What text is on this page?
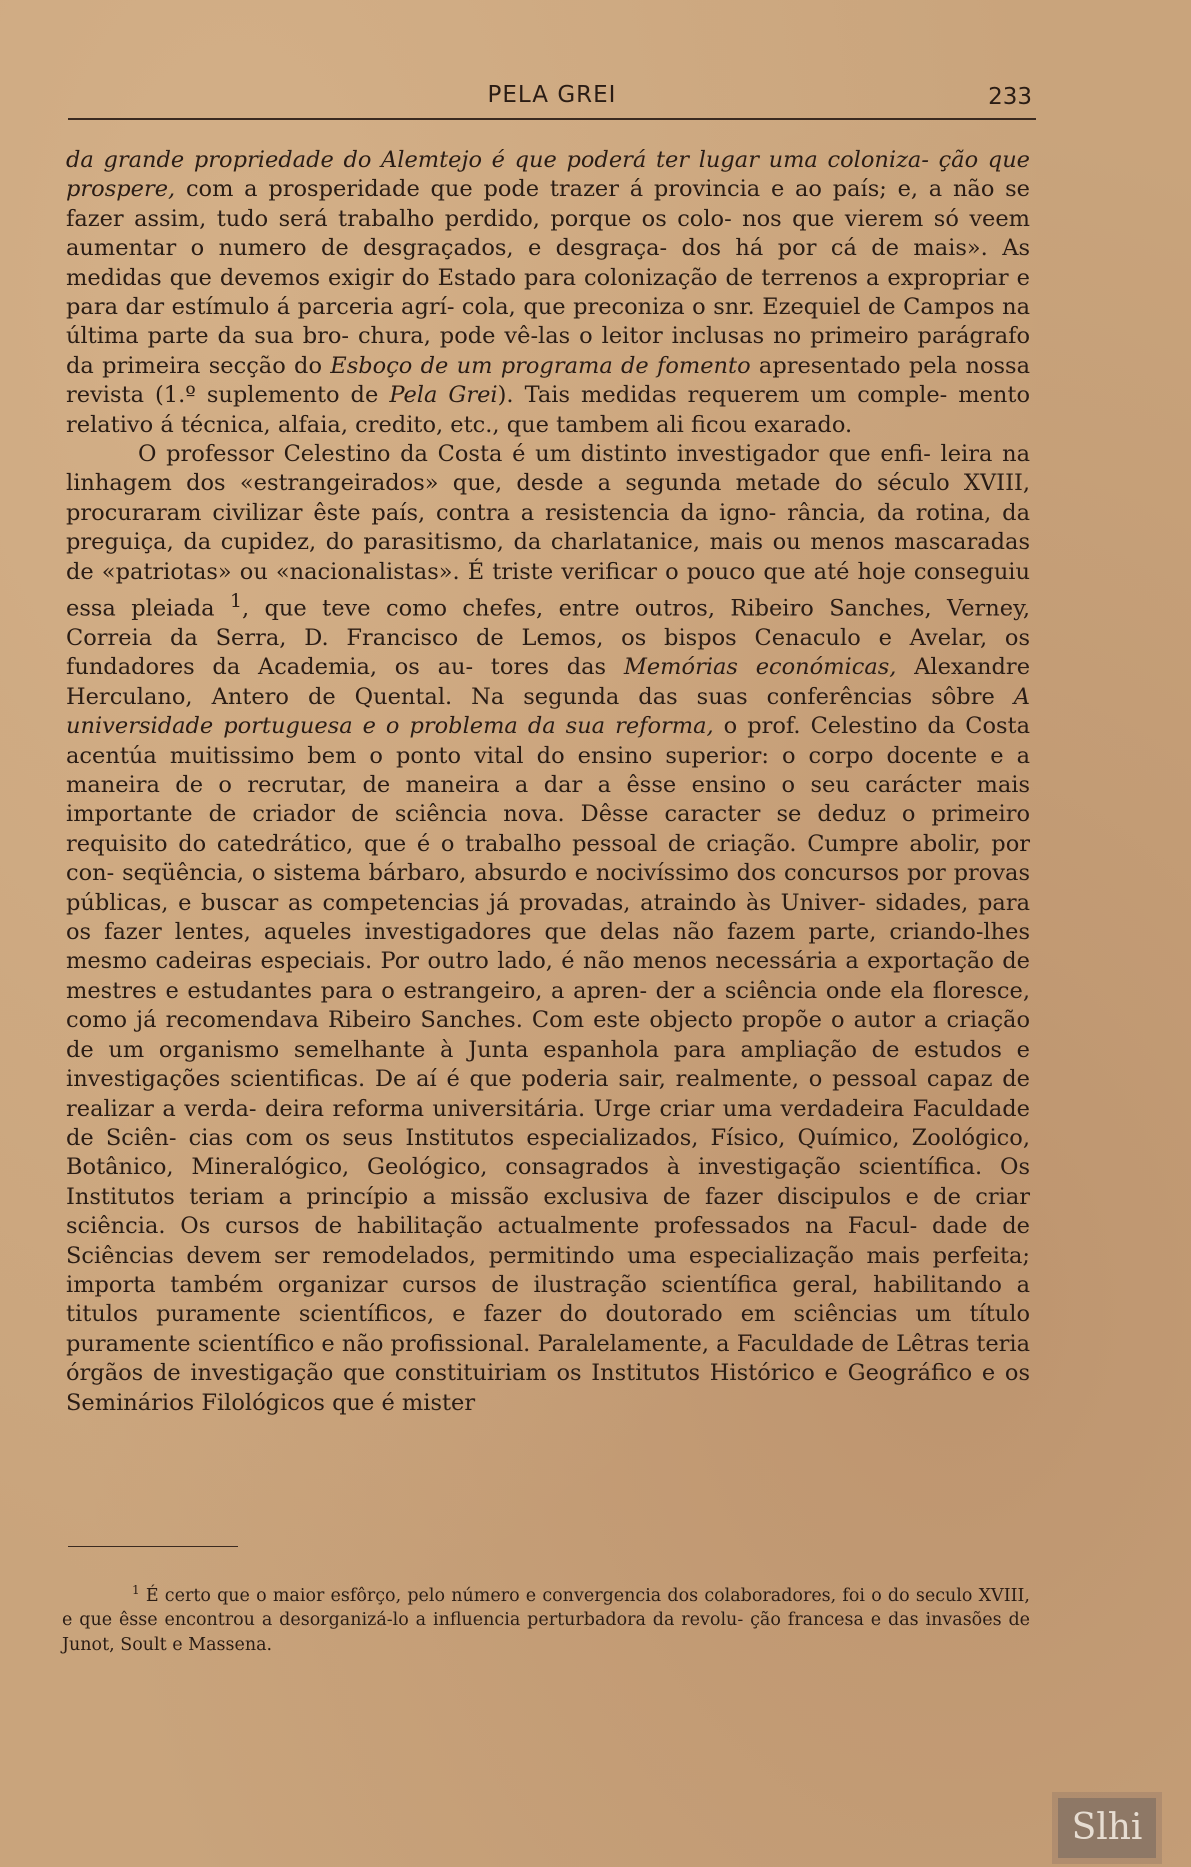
PELA GREI	233

da grande propriedade do Alemtejo é que poderá ter lugar uma coloniza- ção que prospere, com a prosperidade que pode trazer á provincia e ao país; e, a não se fazer assim, tudo será trabalho perdido, porque os colo- nos que vierem só veem aumentar o numero de desgraçados, e desgraça- dos há por cá de mais». As medidas que devemos exigir do Estado para colonização de terrenos a expropriar e para dar estímulo á parceria agrí- cola, que preconiza o snr. Ezequiel de Campos na última parte da sua bro- chura, pode vê-las o leitor inclusas no primeiro parágrafo da primeira secção do Esboço de um programa de fomento apresentado pela nossa revista (1.º suplemento de Pela Grei). Tais medidas requerem um comple- mento relativo á técnica, alfaia, credito, etc., que tambem ali ficou exarado.

O professor Celestino da Costa é um distinto investigador que enfi- leira na linhagem dos «estrangeirados» que, desde a segunda metade do século XVIII, procuraram civilizar êste país, contra a resistencia da igno- rância, da rotina, da preguiça, da cupidez, do parasitismo, da charlatanice, mais ou menos mascaradas de «patriotas» ou «nacionalistas». É triste verificar o pouco que até hoje conseguiu essa pleiada $^1$, que teve como chefes, entre outros, Ribeiro Sanches, Verney, Correia da Serra, D. Francisco de Lemos, os bispos Cenaculo e Avelar, os fundadores da Academia, os au- tores das Memórias económicas, Alexandre Herculano, Antero de Quental. Na segunda das suas conferências sôbre A universidade portuguesa e o problema da sua reforma, o prof. Celestino da Costa acentúa muitissimo bem o ponto vital do ensino superior: o corpo docente e a maneira de o recrutar, de maneira a dar a êsse ensino o seu carácter mais importante de criador de sciência nova. Dêsse caracter se deduz o primeiro requisito do catedrático, que é o trabalho pessoal de criação. Cumpre abolir, por con- seqüência, o sistema bárbaro, absurdo e nocivíssimo dos concursos por provas públicas, e buscar as competencias já provadas, atraindo às Univer- sidades, para os fazer lentes, aqueles investigadores que delas não fazem parte, criando-lhes mesmo cadeiras especiais. Por outro lado, é não menos necessária a exportação de mestres e estudantes para o estrangeiro, a apren- der a sciência onde ela floresce, como já recomendava Ribeiro Sanches. Com este objecto propõe o autor a criação de um organismo semelhante à Junta espanhola para ampliação de estudos e investigações scientificas. De aí é que poderia sair, realmente, o pessoal capaz de realizar a verda- deira reforma universitária. Urge criar uma verdadeira Faculdade de Sciên- cias com os seus Institutos especializados, Físico, Químico, Zoológico, Botânico, Mineralógico, Geológico, consagrados à investigação scientífica. Os Institutos teriam a princípio a missão exclusiva de fazer discipulos e de criar sciência. Os cursos de habilitação actualmente professados na Facul- dade de Sciências devem ser remodelados, permitindo uma especialização mais perfeita; importa também organizar cursos de ilustração scientífica geral, habilitando a titulos puramente scientíficos, e fazer do doutorado em sciências um título puramente scientífico e não profissional. Paralelamente, a Faculdade de Lêtras teria órgãos de investigação que constituiriam os Institutos Histórico e Geográfico e os Seminários Filológicos que é mister

$^1$ É certo que o maior esfôrço, pelo número e convergencia dos colaboradores, foi o do seculo XVIII, e que êsse encontrou a desorganizá-lo a influencia perturbadora da revolu- ção francesa e das invasões de Junot, Soult e Massena.
Slhi
